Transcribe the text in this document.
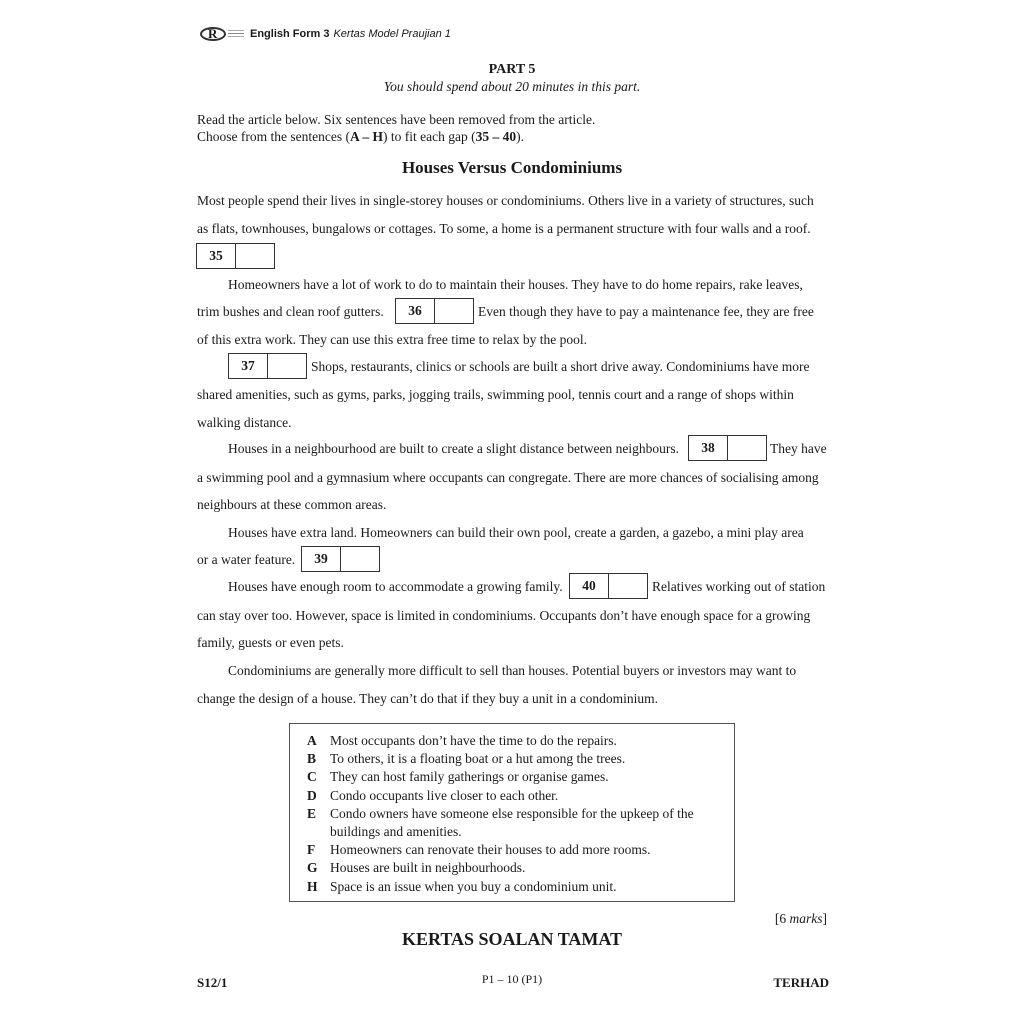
R	English Form 3 Kertas Model Praujian 1
PART 5
You should spend about 20 minutes in this part.
Read the article below. Six sentences have been removed from the article.
Choose from the sentences (A – H) to fit each gap (35 – 40).
Houses Versus Condominiums
Most people spend their lives in single-storey houses or condominiums. Others live in a variety of structures, such
as flats, townhouses, bungalows or cottages. To some, a home is a permanent structure with four walls and a roof.
35
Homeowners have a lot of work to do to maintain their houses. They have to do home repairs, rake leaves,
trim bushes and clean roof gutters.	36	Even though they have to pay a maintenance fee, they are free
of this extra work. They can use this extra free time to relax by the pool.
37	Shops, restaurants, clinics or schools are built a short drive away. Condominiums have more
shared amenities, such as gyms, parks, jogging trails, swimming pool, tennis court and a range of shops within
walking distance.
Houses in a neighbourhood are built to create a slight distance between neighbours.	38	They have
a swimming pool and a gymnasium where occupants can congregate. There are more chances of socialising among
neighbours at these common areas.
Houses have extra land. Homeowners can build their own pool, create a garden, a gazebo, a mini play area
or a water feature.	39
Houses have enough room to accommodate a growing family.	40	Relatives working out of station
can stay over too. However, space is limited in condominiums. Occupants don’t have enough space for a growing
family, guests or even pets.
Condominiums are generally more difficult to sell than houses. Potential buyers or investors may want to
change the design of a house. They can’t do that if they buy a unit in a condominium.
A Most occupants don’t have the time to do the repairs.
B	To others, it is a floating boat or a hut among the trees.
C They can host family gatherings or organise games.
D Condo occupants live closer to each other.
E	Condo owners have someone else responsible for the upkeep of the buildings and amenities.
F	Homeowners can renovate their houses to add more rooms.
G Houses are built in neighbourhoods.
H Space is an issue when you buy a condominium unit.
[6 marks]
KERTAS SOALAN TAMAT
S12/1	P1 – 10 (P1)	TERHAD
